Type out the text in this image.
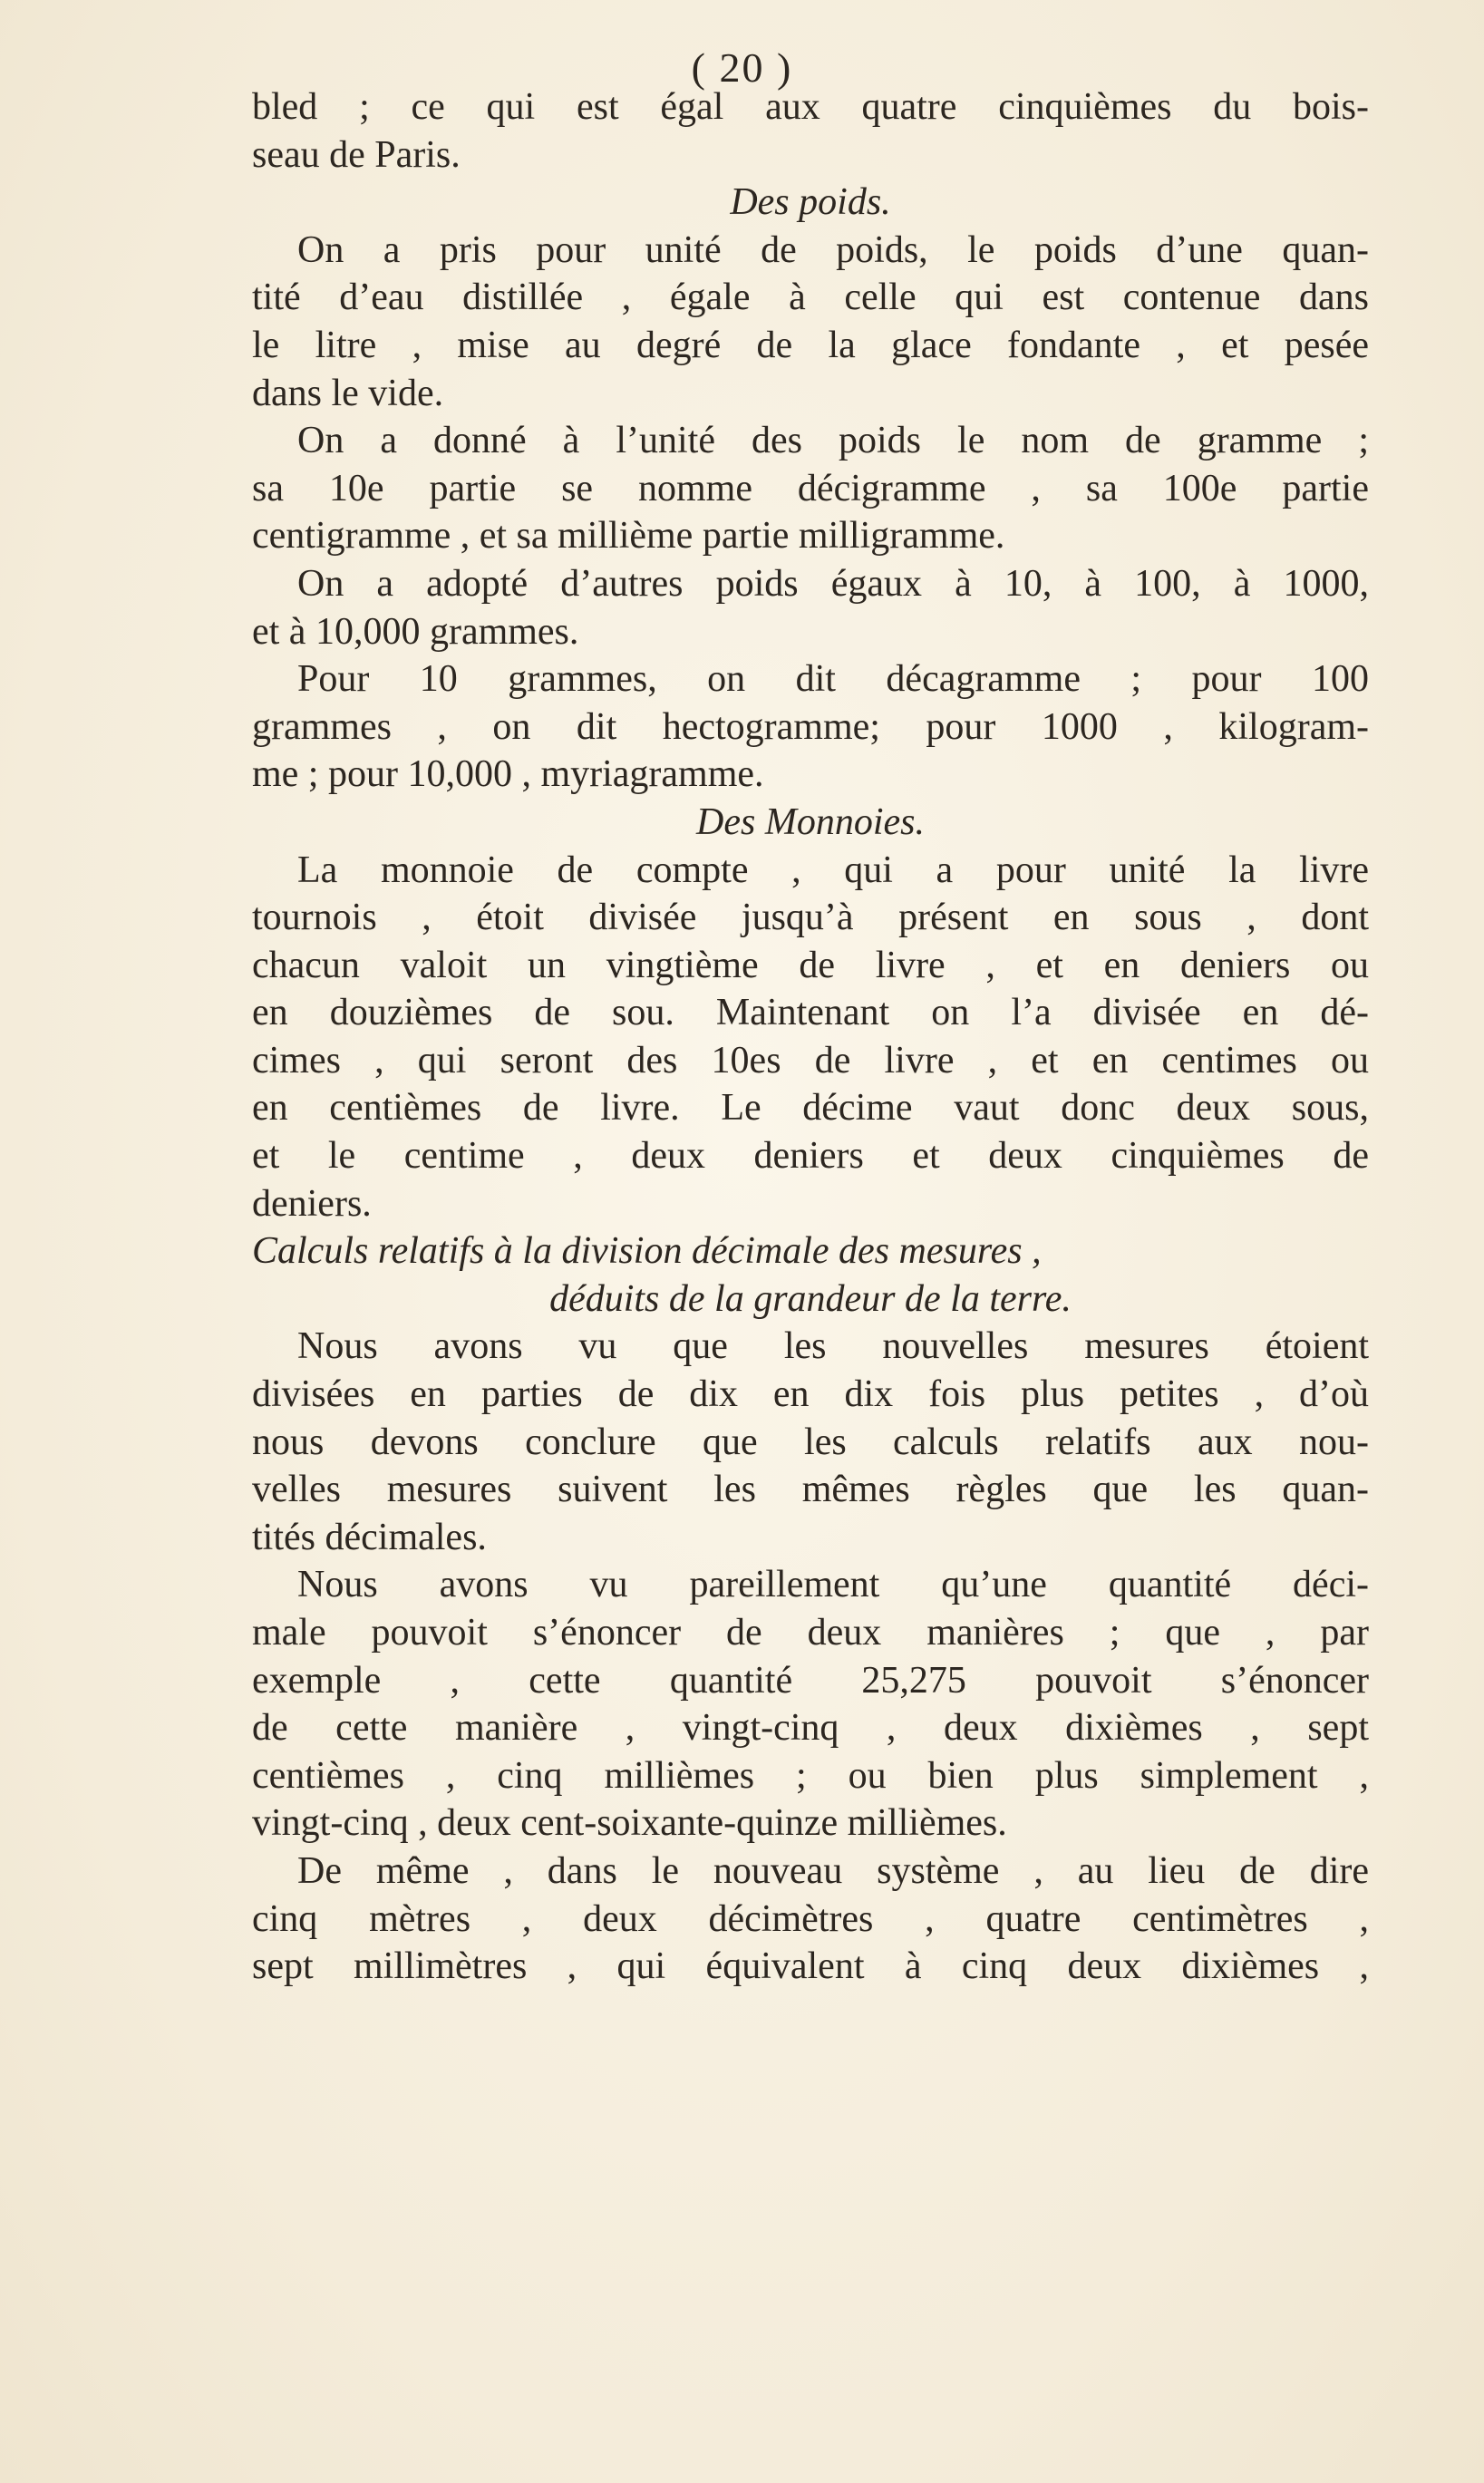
( 20 )
bled ; ce qui est égal aux quatre cinquièmes du bois-
seau de Paris.
Des poids.
On a pris pour unité de poids, le poids d’une quan-
tité d’eau distillée , égale à celle qui est contenue dans
le litre , mise au degré de la glace fondante , et pesée
dans le vide.
On a donné à l’unité des poids le nom de gramme ;
sa 10e partie se nomme décigramme , sa 100e partie
centigramme , et sa millième partie milligramme.
On a adopté d’autres poids égaux à 10, à 100, à 1000,
et à 10,000 grammes.
Pour 10 grammes, on dit décagramme ; pour 100
grammes , on dit hectogramme; pour 1000 , kilogram-
me ; pour 10,000 , myriagramme.
Des Monnoies.
La monnoie de compte , qui a pour unité la livre
tournois , étoit divisée jusqu’à présent en sous , dont
chacun valoit un vingtième de livre , et en deniers ou
en douzièmes de sou. Maintenant on l’a divisée en dé-
cimes , qui seront des 10es de livre , et en centimes ou
en centièmes de livre. Le décime vaut donc deux sous,
et le centime , deux deniers et deux cinquièmes de
deniers.
Calculs relatifs à la division décimale des mesures ,
déduits de la grandeur de la terre.
Nous avons vu que les nouvelles mesures étoient
divisées en parties de dix en dix fois plus petites , d’où
nous devons conclure que les calculs relatifs aux nou-
velles mesures suivent les mêmes règles que les quan-
tités décimales.
Nous avons vu pareillement qu’une quantité déci-
male pouvoit s’énoncer de deux manières ; que , par
exemple , cette quantité 25,275 pouvoit s’énoncer
de cette manière , vingt-cinq , deux dixièmes , sept
centièmes , cinq millièmes ; ou bien plus simplement ,
vingt-cinq , deux cent-soixante-quinze millièmes.
De même , dans le nouveau système , au lieu de dire
cinq mètres , deux décimètres , quatre centimètres ,
sept millimètres , qui équivalent à cinq deux dixièmes ,
